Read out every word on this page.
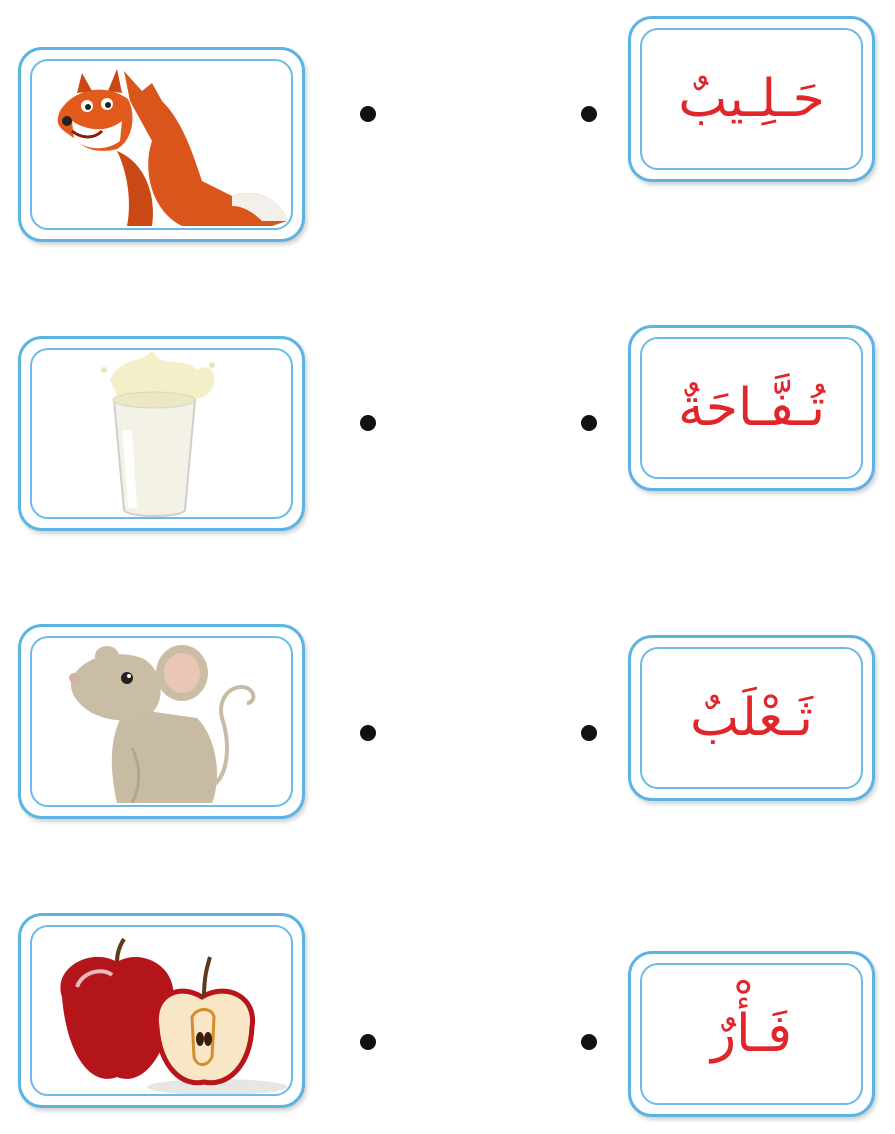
حَـلِـيبٌ
تُـفَّـاحَةٌ
ثَـعْلَبٌ
فَـأْرٌ
